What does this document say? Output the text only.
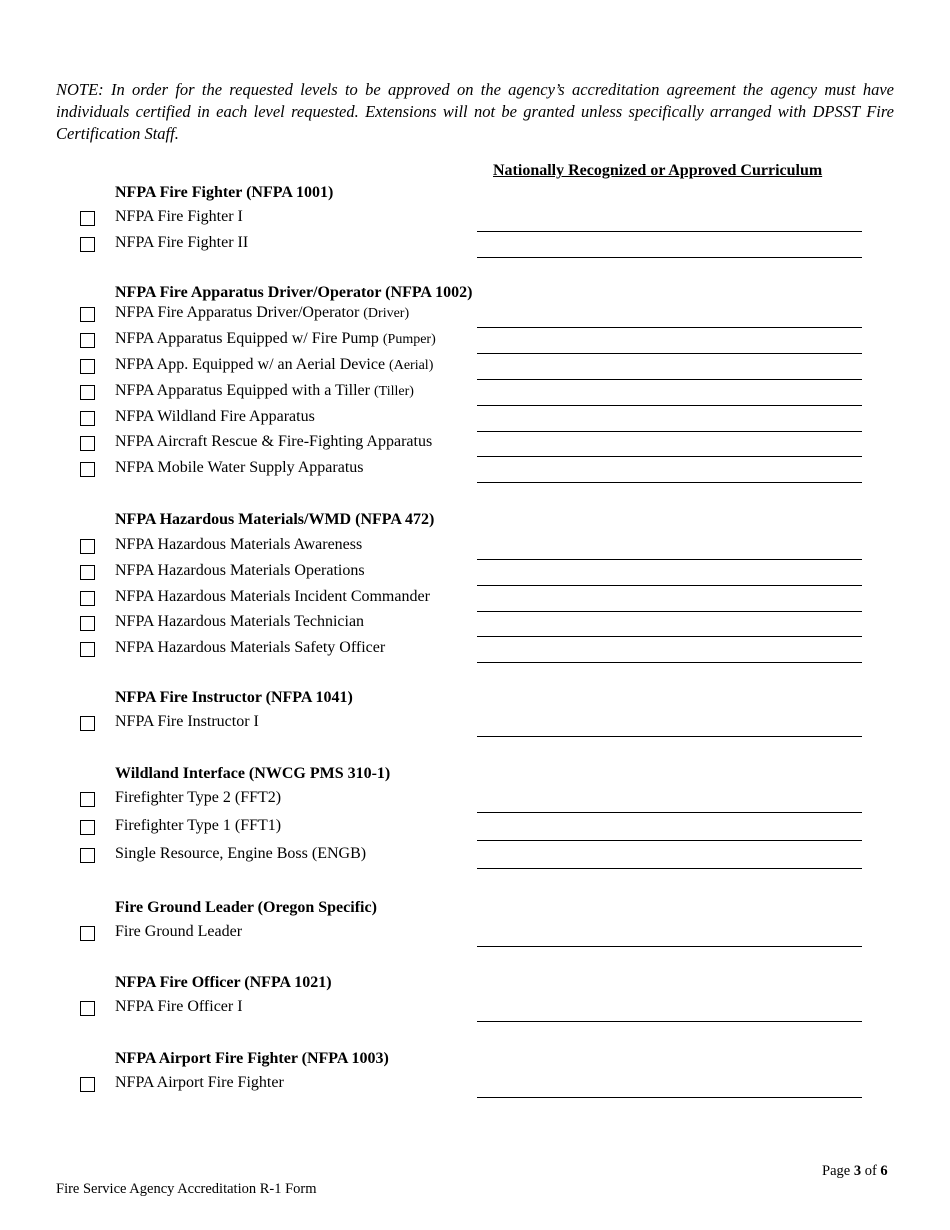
NOTE: In order for the requested levels to be approved on the agency’s accreditation agreement the agency must have individuals certified in each level requested. Extensions will not be granted unless specifically arranged with DPSST Fire Certification Staff.

Nationally Recognized or Approved Curriculum
NFPA Fire Fighter (NFPA 1001)
NFPA Fire Fighter I
NFPA Fire Fighter II
NFPA Fire Apparatus Driver/Operator (NFPA 1002)
NFPA Fire Apparatus Driver/Operator (Driver)
NFPA Apparatus Equipped w/ Fire Pump (Pumper)
NFPA App. Equipped w/ an Aerial Device (Aerial)
NFPA Apparatus Equipped with a Tiller (Tiller)
NFPA Wildland Fire Apparatus
NFPA Aircraft Rescue & Fire-Fighting Apparatus
NFPA Mobile Water Supply Apparatus
NFPA Hazardous Materials/WMD (NFPA 472)
NFPA Hazardous Materials Awareness
NFPA Hazardous Materials Operations
NFPA Hazardous Materials Incident Commander
NFPA Hazardous Materials Technician
NFPA Hazardous Materials Safety Officer
NFPA Fire Instructor (NFPA 1041)
NFPA Fire Instructor I
Wildland Interface (NWCG PMS 310-1)
Firefighter Type 2 (FFT2)
Firefighter Type 1 (FFT1)
Single Resource, Engine Boss (ENGB)
Fire Ground Leader (Oregon Specific)
Fire Ground Leader
NFPA Fire Officer (NFPA 1021)
NFPA Fire Officer I
NFPA Airport Fire Fighter (NFPA 1003)
NFPA Airport Fire Fighter
Fire Service Agency Accreditation R-1 Form
Page 3 of 6
